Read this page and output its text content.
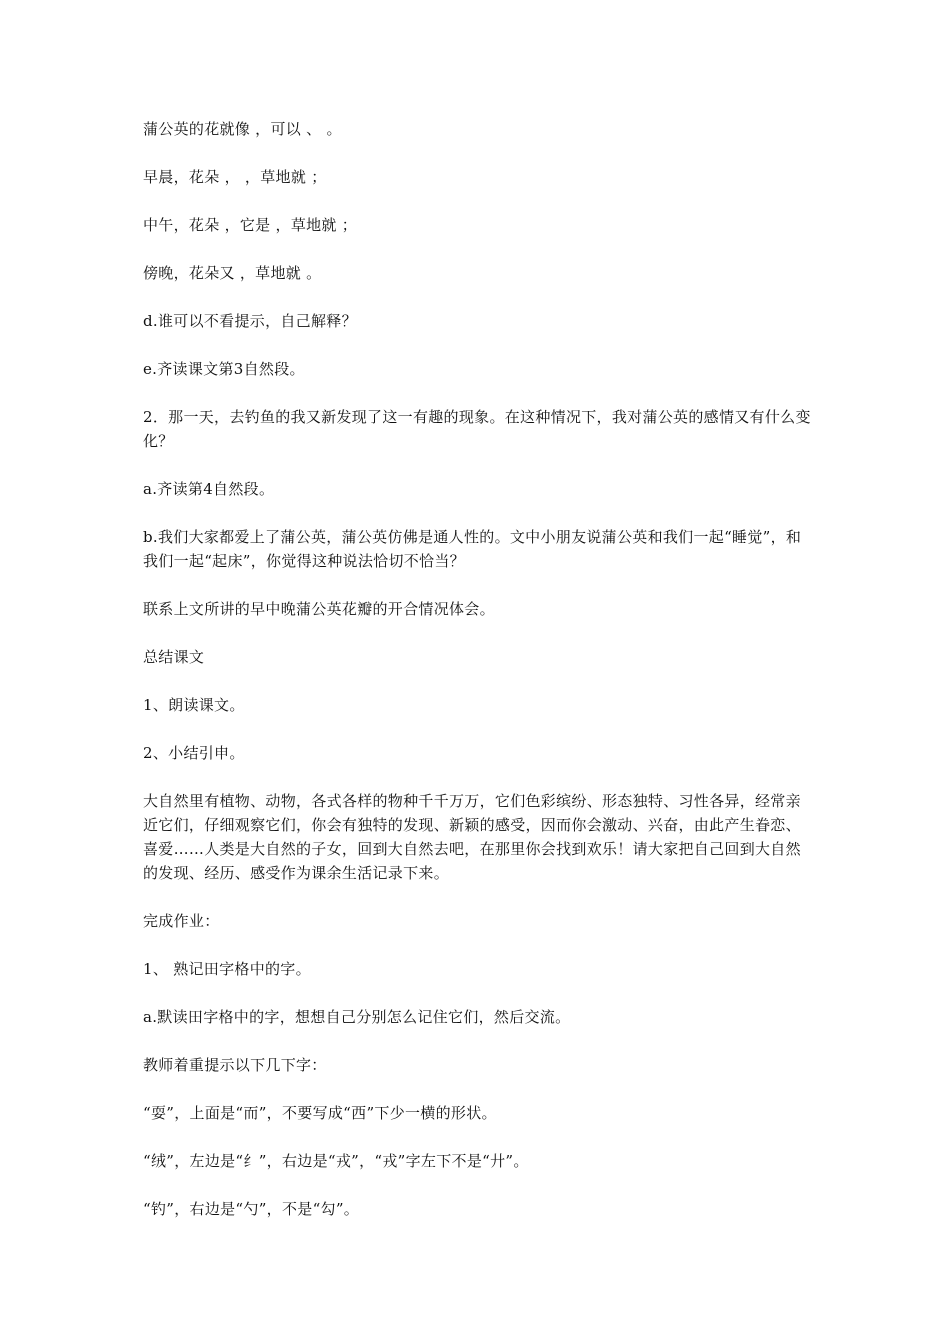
蒲公英的花就像 ，可以 、 。

早晨，花朵 ， ，草地就 ；

中午，花朵 ，它是 ，草地就 ；

傍晚，花朵又 ，草地就 。

d.谁可以不看提示，自己解释？

e.齐读课文第3自然段。

2．那一天，去钓鱼的我又新发现了这一有趣的现象。在这种情况下，我对蒲公英的感情又有什么变化？

a.齐读第4自然段。

b.我们大家都爱上了蒲公英，蒲公英仿佛是通人性的。文中小朋友说蒲公英和我们一起“睡觉”，和我们一起“起床”，你觉得这种说法恰切不恰当？

联系上文所讲的早中晚蒲公英花瓣的开合情况体会。

总结课文

1、朗读课文。

2、小结引申。

大自然里有植物、动物，各式各样的物种千千万万，它们色彩缤纷、形态独特、习性各异，经常亲近它们，仔细观察它们，你会有独特的发现、新颖的感受，因而你会激动、兴奋，由此产生眷恋、喜爱……人类是大自然的子女，回到大自然去吧，在那里你会找到欢乐！请大家把自己回到大自然的发现、经历、感受作为课余生活记录下来。

完成作业：

1、 熟记田字格中的字。

a.默读田字格中的字，想想自己分别怎么记住它们，然后交流。

教师着重提示以下几下字：

“耍”，上面是“而”，不要写成“西”下少一横的形状。

“绒”，左边是“纟”，右边是“戎”，“戎”字左下不是“廾”。

“钓”，右边是“勺”，不是“勾”。
